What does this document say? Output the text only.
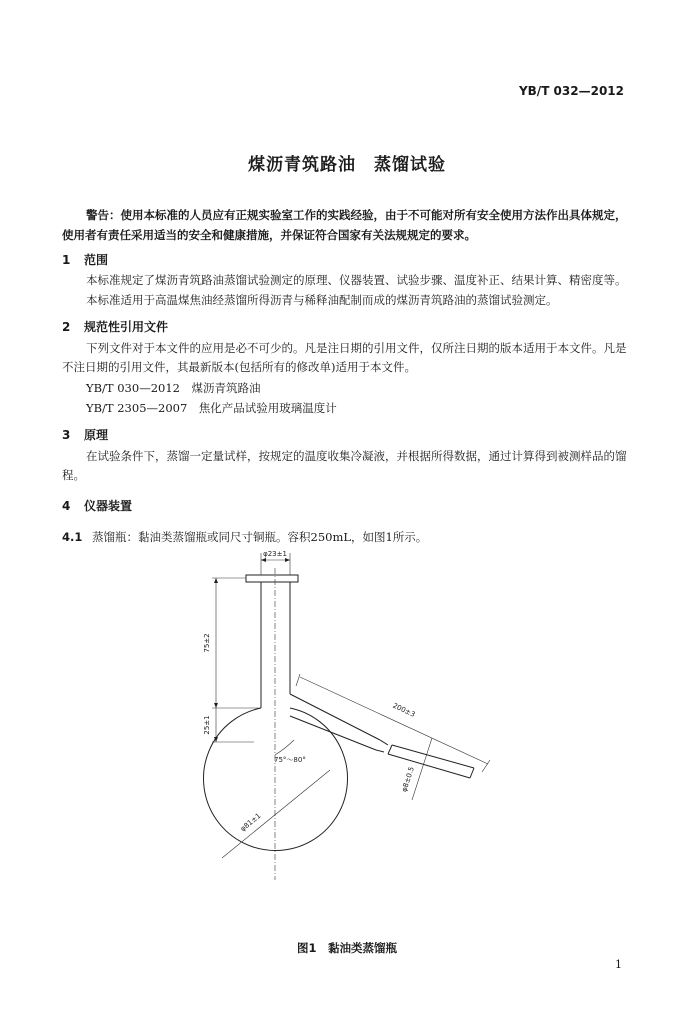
YB/T 032—2012
煤沥青筑路油　蒸馏试验
警告：使用本标准的人员应有正规实验室工作的实践经验，由于不可能对所有安全使用方法作出具体规定，使用者有责任采用适当的安全和健康措施，并保证符合国家有关法规规定的要求。
1 范围
本标准规定了煤沥青筑路油蒸馏试验测定的原理、仪器装置、试验步骤、温度补正、结果计算、精密度等。
本标准适用于高温煤焦油经蒸馏所得沥青与稀释油配制而成的煤沥青筑路油的蒸馏试验测定。
2 规范性引用文件
下列文件对于本文件的应用是必不可少的。凡是注日期的引用文件，仅所注日期的版本适用于本文件。凡是不注日期的引用文件，其最新版本(包括所有的修改单)适用于本文件。
YB/T 030—2012　煤沥青筑路油
YB/T 2305—2007　焦化产品试验用玻璃温度计
3 原理
在试验条件下，蒸馏一定量试样，按规定的温度收集冷凝液，并根据所得数据，通过计算得到被测样品的馏程。
4 仪器装置
4.1 蒸馏瓶：黏油类蒸馏瓶或同尺寸铜瓶。容积250mL，如图1所示。
φ23±1
75±2
200±3
25±1
75°～80°
φ8±0.5
φ81±1
图1　黏油类蒸馏瓶
1
